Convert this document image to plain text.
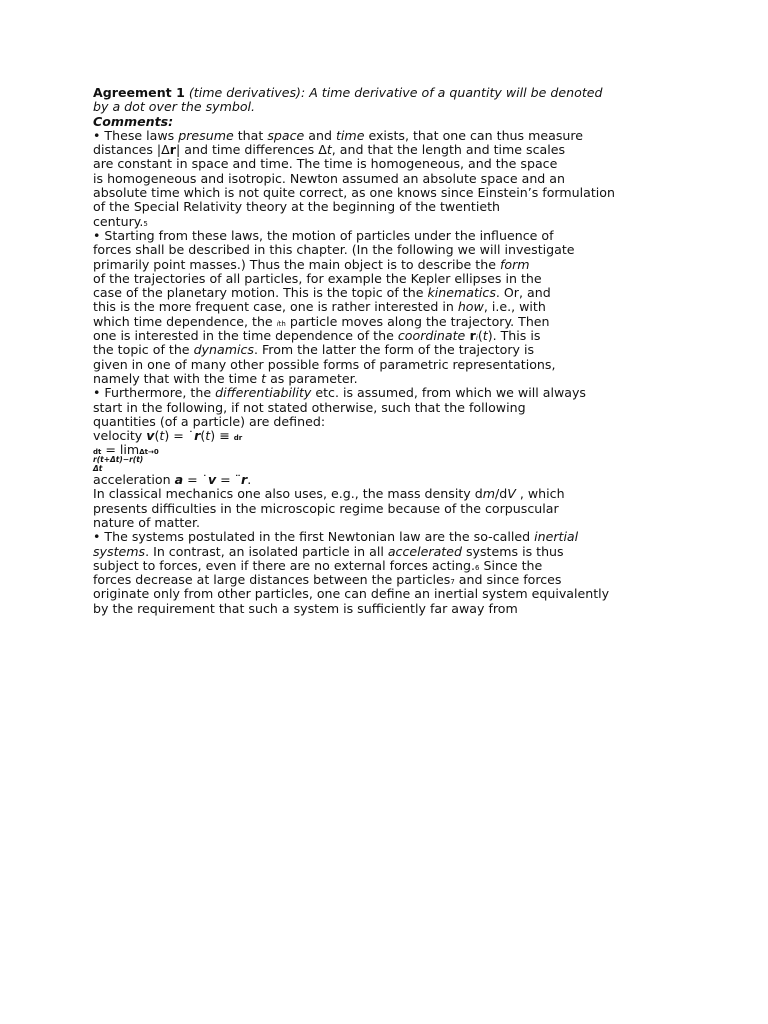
Agreement 1 (time derivatives): A time derivative of a quantity will be denoted
by a dot over the symbol.
Comments:
• These laws presume that space and time exists, that one can thus measure
distances |Δr| and time differences Δt, and that the length and time scales
are constant in space and time. The time is homogeneous, and the space
is homogeneous and isotropic. Newton assumed an absolute space and an
absolute time which is not quite correct, as one knows since Einstein’s formulation
of the Special Relativity theory at the beginning of the twentieth
century.5
• Starting from these laws, the motion of particles under the influence of
forces shall be described in this chapter. (In the following we will investigate
primarily point masses.) Thus the main object is to describe the form
of the trajectories of all particles, for example the Kepler ellipses in the
case of the planetary motion. This is the topic of the kinematics. Or, and
this is the more frequent case, one is rather interested in how, i.e., with
which time dependence, the ith particle moves along the trajectory. Then
one is interested in the time dependence of the coordinate ri(t). This is
the topic of the dynamics. From the latter the form of the trajectory is
given in one of many other possible forms of parametric representations,
namely that with the time t as parameter.
• Furthermore, the differentiability etc. is assumed, from which we will always
start in the following, if not stated otherwise, such that the following
quantities (of a particle) are defined:
velocity v(t) = ˙r(t) ≡ dr
dt = limΔt→0
r(t+Δt)−r(t)
Δt
acceleration a = ˙v = ¨r.
In classical mechanics one also uses, e.g., the mass density dm/dV , which
presents difficulties in the microscopic regime because of the corpuscular
nature of matter.
• The systems postulated in the first Newtonian law are the so-called inertial
systems. In contrast, an isolated particle in all accelerated systems is thus
subject to forces, even if there are no external forces acting.6 Since the
forces decrease at large distances between the particles7 and since forces
originate only from other particles, one can define an inertial system equivalently
by the requirement that such a system is sufficiently far away from
